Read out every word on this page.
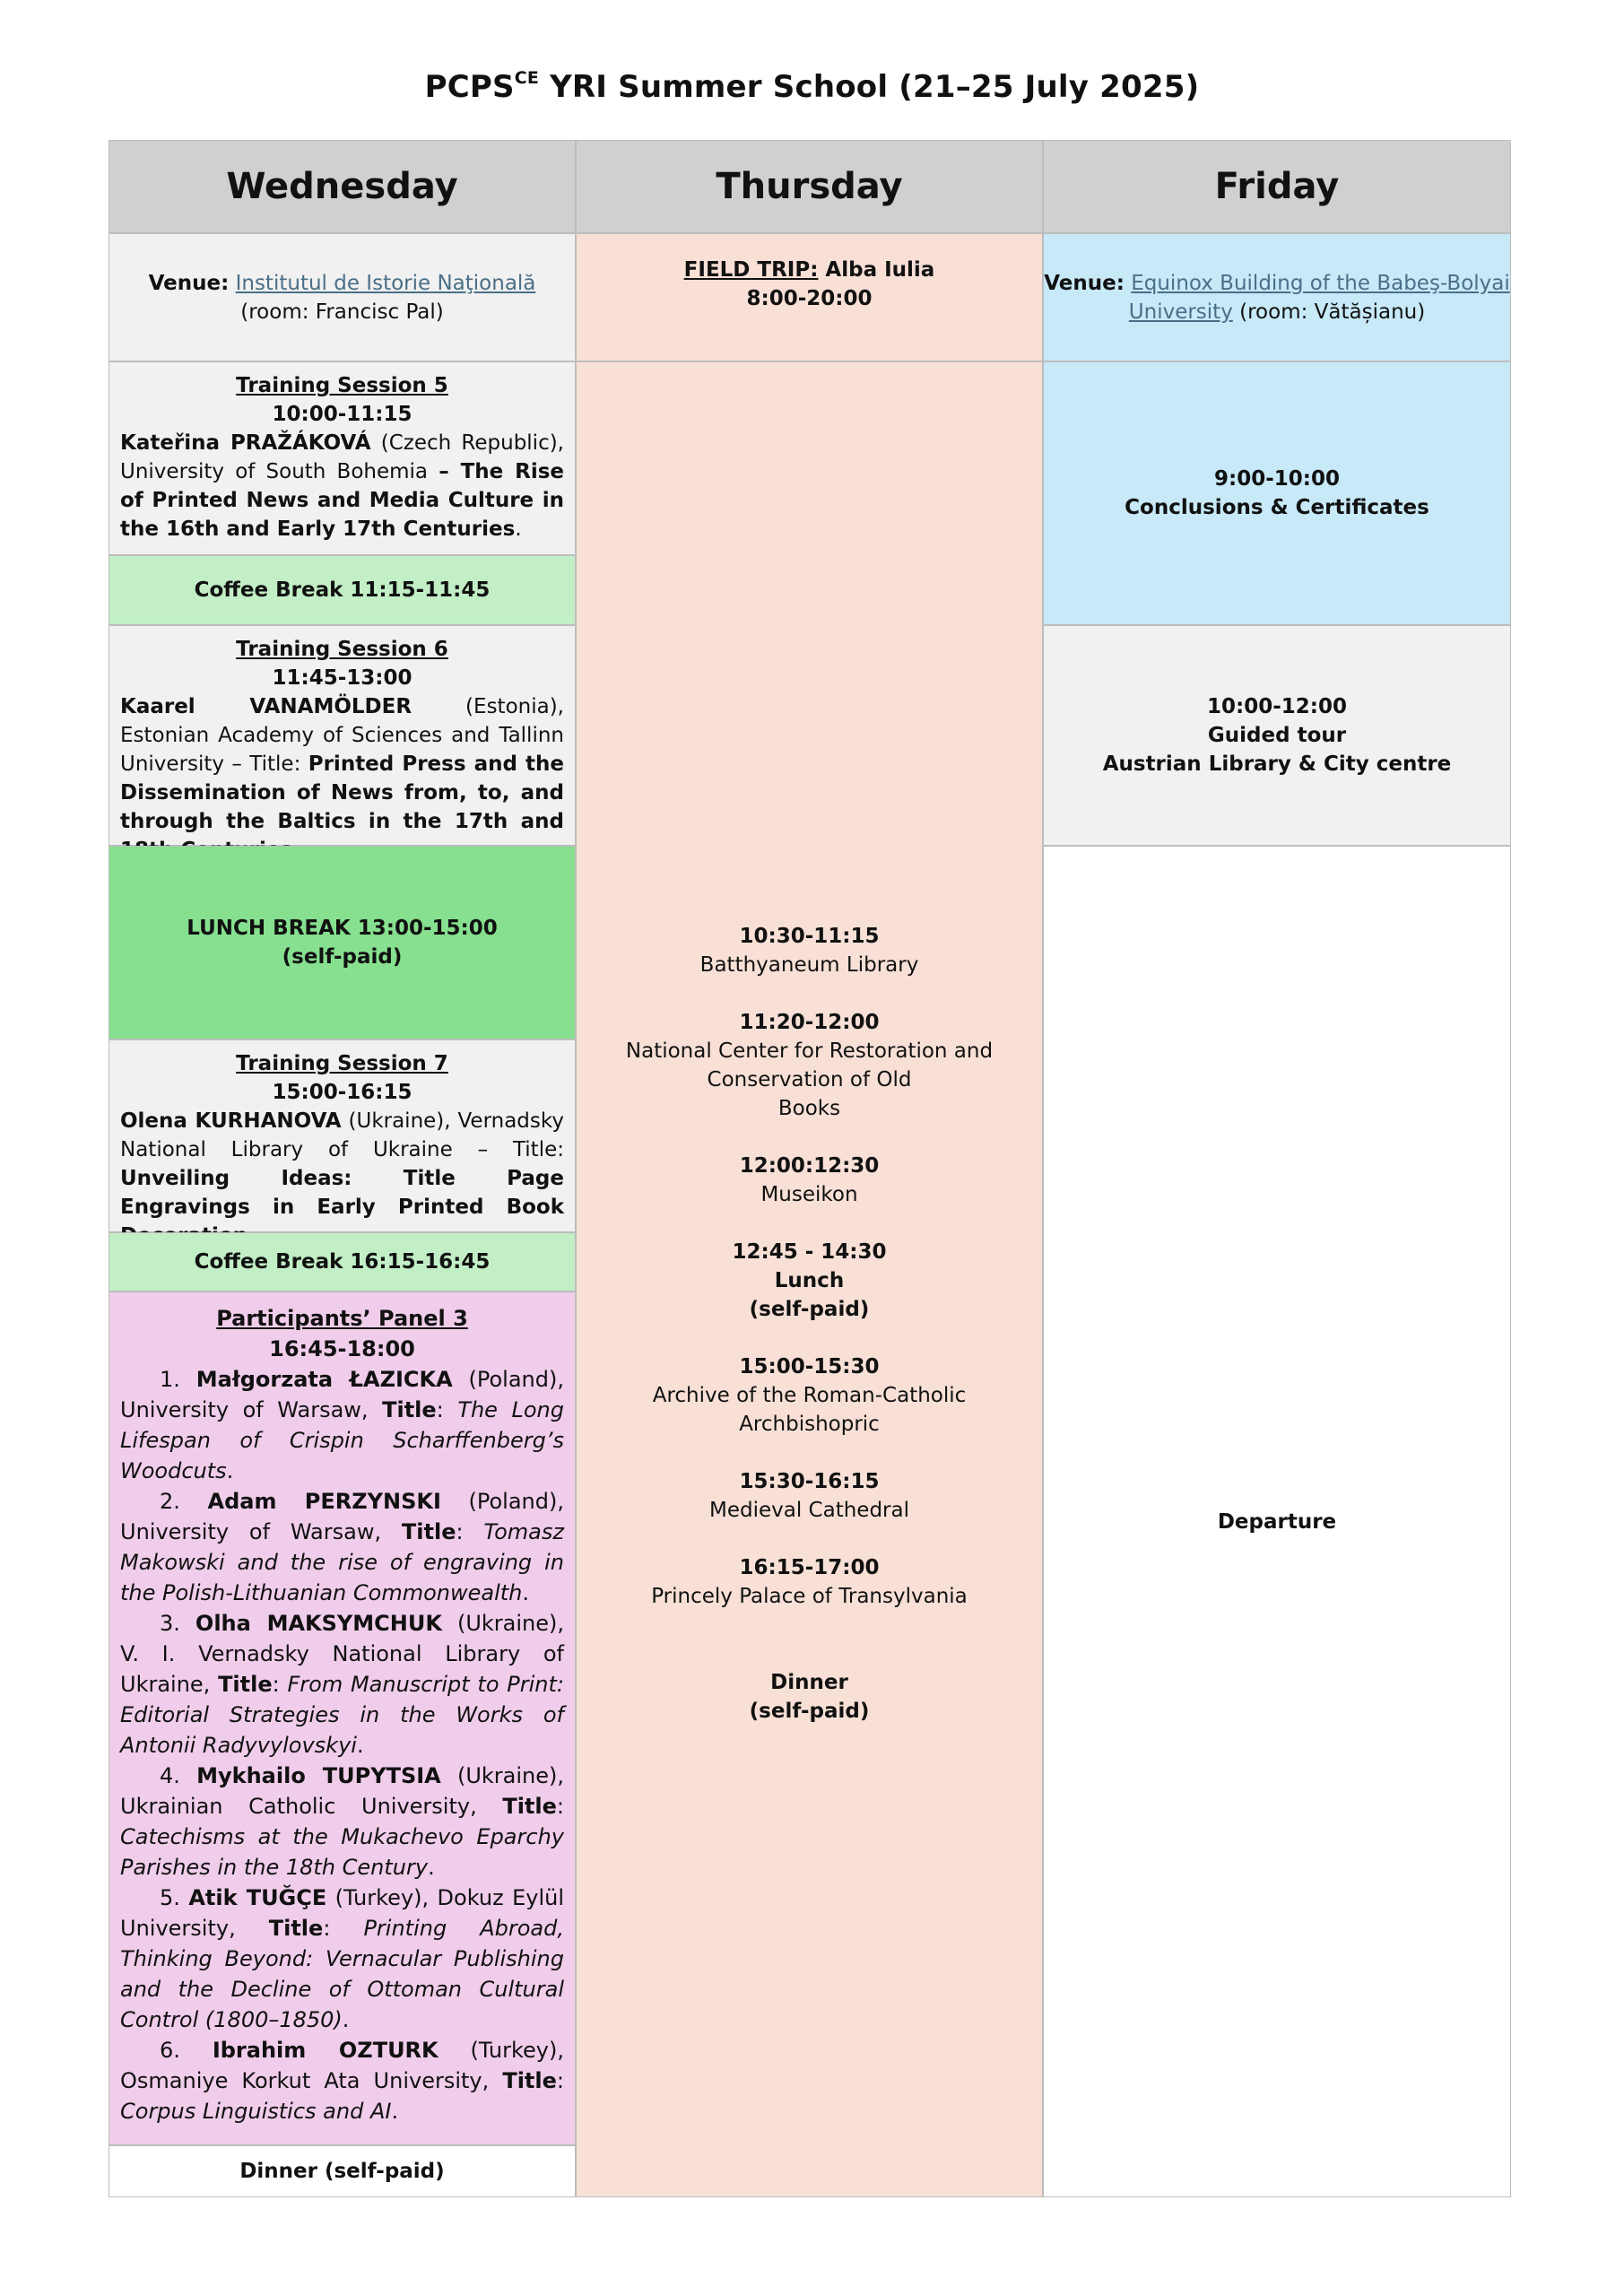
$PCPS^{CE}$ YRI Summer School (21–25 July 2025)
Wednesday	Thursday	Friday
Venue: Institutul de Istorie Naţională
(room: Francisc Pal)
Training Session 5
10:00-11:15
Kateřina PRAŽÁKOVÁ (Czech Republic), University of South Bohemia – The Rise of Printed News and Media Culture in the 16th and Early 17th Centuries.
Coffee Break 11:15-11:45
Training Session 6
11:45-13:00
Kaarel VANAMÖLDER (Estonia), Estonian Academy of Sciences and Tallinn University – Title: Printed Press and the Dissemination of News from, to, and through the Baltics in the 17th and
LUNCH BREAK 13:00-15:00
(self-paid)
Training Session 7
15:00-16:15
Olena KURHANOVA (Ukraine), Vernadsky National Library of Ukraine – Title: Unveiling Ideas: Title Page Engravings in Early Printed Book
Coffee Break 16:15-16:45
Participants’ Panel 3
16:45-18:00
1. Małgorzata ŁAZICKA (Poland), University of Warsaw, Title: The Long Lifespan of Crispin Scharffenberg’s Woodcuts.
2. Adam PERZYNSKI (Poland), University of Warsaw, Title: Tomasz Makowski and the rise of engraving in the Polish-Lithuanian Commonwealth.
3. Olha MAKSYMCHUK (Ukraine), V. I. Vernadsky National Library of Ukraine, Title: From Manuscript to Print: Editorial Strategies in the Works of Antonii Radyvylovskyi.
4. Mykhailo TUPYTSIA (Ukraine), Ukrainian Catholic University, Title: Catechisms at the Mukachevo Eparchy Parishes in the 18th Century.
5. Atik TUĞÇE (Turkey), Dokuz Eylül University, Title: Printing Abroad, Thinking Beyond: Vernacular Publishing and the Decline of Ottoman Cultural Control (1800–1850).
6. Ibrahim OZTURK (Turkey), Osmaniye Korkut Ata University, Title: Corpus Linguistics and AI.
Dinner (self-paid)
FIELD TRIP: Alba Iulia
8:00-20:00
10:30-11:15
Batthyaneum Library
11:20-12:00
National Center for Restoration and
Conservation of Old
Books
12:00:12:30
Museikon
12:45 - 14:30
Lunch
(self-paid)
15:00-15:30
Archive of the Roman-Catholic
Archbishopric
15:30-16:15
Medieval Cathedral
16:15-17:00
Princely Palace of Transylvania
Dinner
(self-paid)
Venue: Equinox Building of the Babeş-Bolyai
University (room: Vătășianu)
9:00-10:00
Conclusions & Certificates
10:00-12:00
Guided tour
Austrian Library & City centre
Departure
